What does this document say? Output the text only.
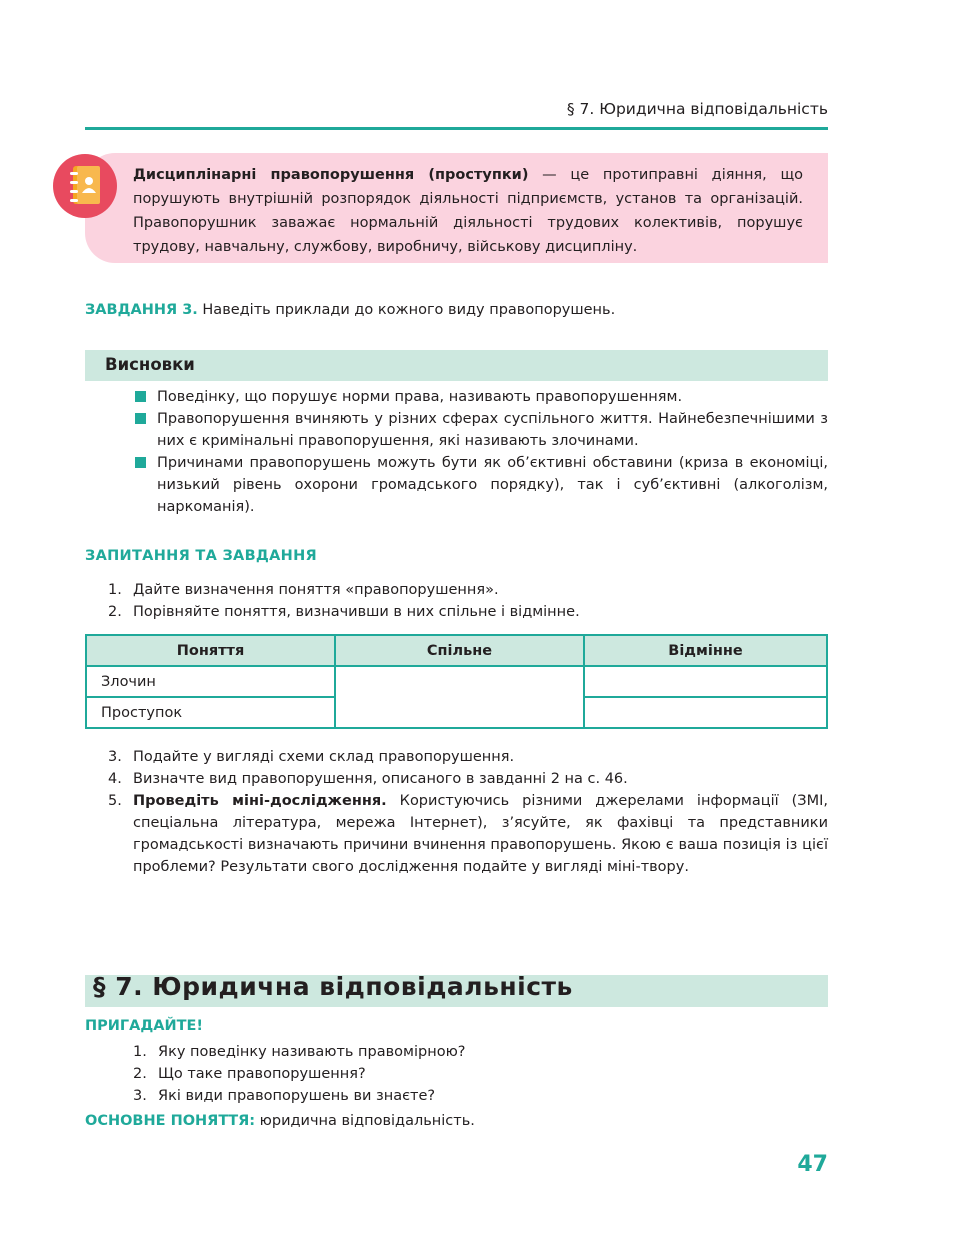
§ 7. Юридична відповідальність
Дисциплінарні правопорушення (проступки) — це протиправні діяння, що порушують внутрішній розпорядок діяльності підприємств, установ та організацій. Правопорушник заважає нормальній діяльності трудових колективів, порушує трудову, навчальну, службову, виробничу, військову дисципліну.
ЗАВДАННЯ 3. Наведіть приклади до кожного виду правопорушень.
Висновки
Поведінку, що порушує норми права, називають правопорушенням.
Правопорушення вчиняють у різних сферах суспільного життя. Найнебезпечнішими з них є кримінальні правопорушення, які називають злочинами.
Причинами правопорушень можуть бути як об’єктивні обставини (криза в економіці, низький рівень охорони громадського порядку), так і суб’єктивні (алкоголізм, наркоманія).
ЗАПИТАННЯ ТА ЗАВДАННЯ
1. Дайте визначення поняття «правопорушення».
2. Порівняйте поняття, визначивши в них спільне і відмінне.
Поняття	Спільне	Відмінне
Злочин		
Проступок		
3. Подайте у вигляді схеми склад правопорушення.
4. Визначте вид правопорушення, описаного в завданні 2 на с. 46.
5. Проведіть міні-дослідження. Користуючись різними джерелами інформації (ЗМІ, спеціальна література, мережа Інтернет), з’ясуйте, як фахівці та представники громадськості визначають причини вчинення правопорушень. Якою є ваша позиція із цієї проблеми? Результати свого дослідження подайте у вигляді міні-твору.
§ 7. Юридична відповідальність
ПРИГАДАЙТЕ!
1. Яку поведінку називають правомірною?
2. Що таке правопорушення?
3. Які види правопорушень ви знаєте?
ОСНОВНЕ ПОНЯТТЯ: юридична відповідальність.
47
